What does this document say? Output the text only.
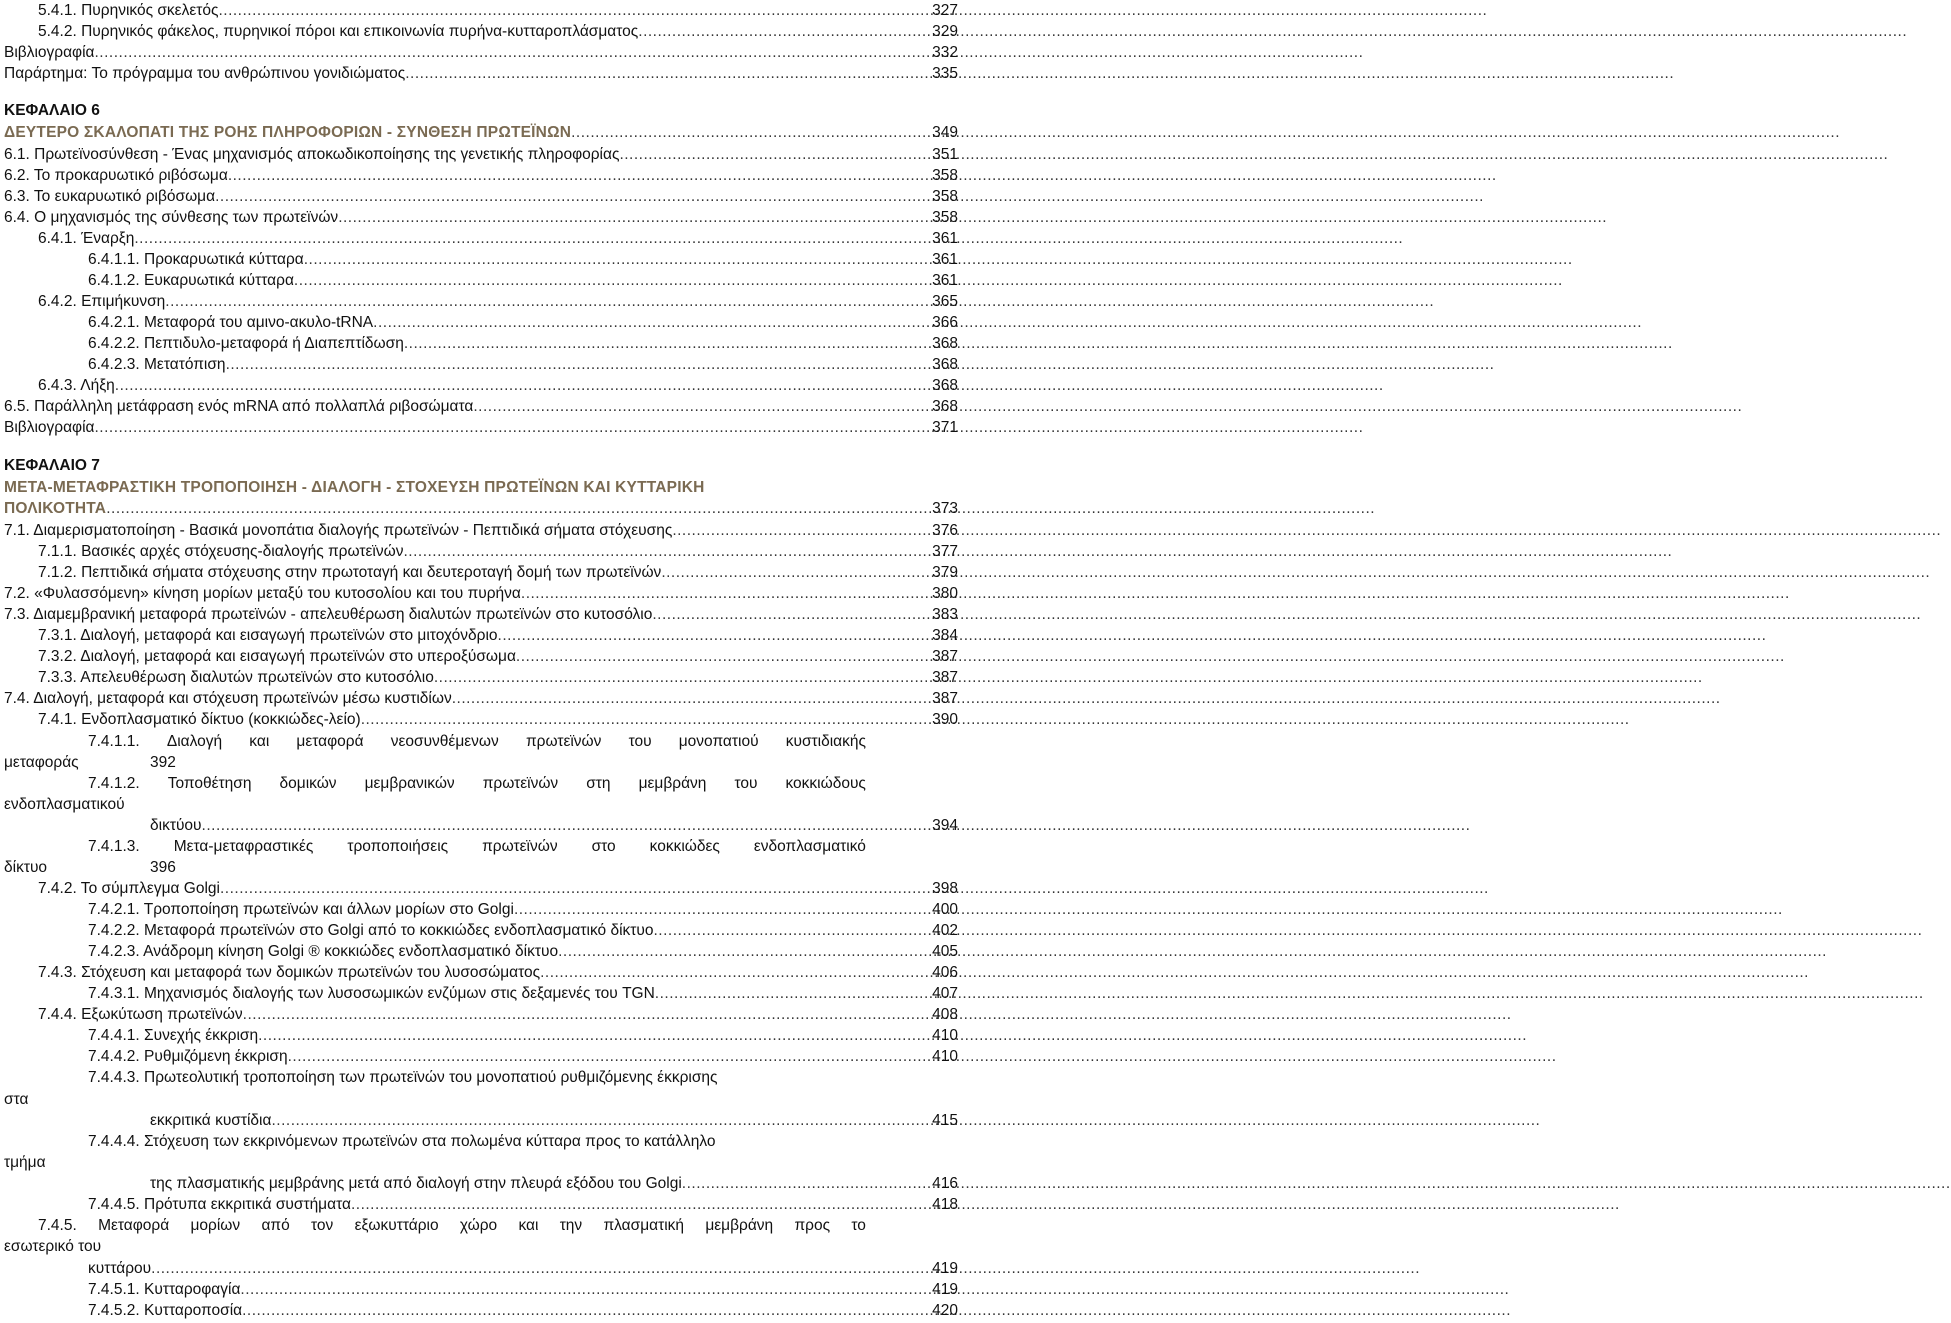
5.4.1. Πυρηνικός σκελετός .....	327
5.4.2. Πυρηνικός φάκελος, πυρηνικοί πόροι και επικοινωνία πυρήνα-κυτταροπλάσματος .....	329
Βιβλιογραφία .....	332
Παράρτημα: Το πρόγραμμα του ανθρώπινου γονιδιώματος .....	335
ΚΕΦΑΛΑΙΟ 6
ΔΕΥΤΕΡΟ ΣΚΑΛΟΠΑΤΙ ΤΗΣ ΡΟΗΣ ΠΛΗΡΟΦΟΡΙΩΝ - ΣΥΝΘΕΣΗ ΠΡΩΤΕΪΝΩΝ .....	349
6.1. Πρωτεϊνοσύνθεση - Ένας μηχανισμός αποκωδικοποίησης της γενετικής πληροφορίας .....	351
6.2. Το προκαρυωτικό ριβόσωμα .....	358
6.3. Το ευκαρυωτικό ριβόσωμα .....	358
6.4. Ο μηχανισμός της σύνθεσης των πρωτεϊνών .....	358
6.4.1. Έναρξη .....	361
6.4.1.1. Προκαρυωτικά κύτταρα .....	361
6.4.1.2. Ευκαρυωτικά κύτταρα .....	361
6.4.2. Επιμήκυνση .....	365
6.4.2.1. Μεταφορά του αμινο-ακυλο-tRNA .....	366
6.4.2.2. Πεπτιδυλο-μεταφορά ή Διαπεπτίδωση .....	368
6.4.2.3. Μετατόπιση .....	368
6.4.3. Λήξη .....	368
6.5. Παράλληλη μετάφραση ενός mRNA από πολλαπλά ριβοσώματα .....	368
Βιβλιογραφία .....	371
ΚΕΦΑΛΑΙΟ 7
ΜΕΤΑ-ΜΕΤΑΦΡΑΣΤΙΚΗ ΤΡΟΠΟΠΟΙΗΣΗ - ΔΙΑΛΟΓΗ - ΣΤΟΧΕΥΣΗ ΠΡΩΤΕΪΝΩΝ ΚΑΙ ΚΥΤΤΑΡΙΚΗ
ΠΟΛΙΚΟΤΗΤΑ .....	373
7.1. Διαμερισματοποίηση - Βασικά μονοπάτια διαλογής πρωτεϊνών - Πεπτιδικά σήματα στόχευσης .....	376
7.1.1. Βασικές αρχές στόχευσης-διαλογής πρωτεϊνών .....	377
7.1.2. Πεπτιδικά σήματα στόχευσης στην πρωτοταγή και δευτεροταγή δομή των πρωτεϊνών .....	379
7.2. «Φυλασσόμενη» κίνηση μορίων μεταξύ του κυτοσολίου και του πυρήνα .....	380
7.3. Διαμεμβρανική μεταφορά πρωτεϊνών - απελευθέρωση διαλυτών πρωτεϊνών στο κυτοσόλιο .....	383
7.3.1. Διαλογή, μεταφορά και εισαγωγή πρωτεϊνών στο μιτοχόνδριο .....	384
7.3.2. Διαλογή, μεταφορά και εισαγωγή πρωτεϊνών στο υπεροξύσωμα .....	387
7.3.3. Απελευθέρωση διαλυτών πρωτεϊνών στο κυτοσόλιο .....	387
7.4. Διαλογή, μεταφορά και στόχευση πρωτεϊνών μέσω κυστιδίων .....	387
7.4.1. Ενδοπλασματικό δίκτυο (κοκκιώδες-λείο) .....	390
7.4.1.1. Διαλογή και μεταφορά νεοσυνθέμενων πρωτεϊνών του μονοπατιού κυστιδιακής
μεταφοράς	392
7.4.1.2. Τοποθέτηση δομικών μεμβρανικών πρωτεϊνών στη μεμβράνη του κοκκιώδους
ενδοπλασματικού
δικτύου .....	394
7.4.1.3. Μετα-μεταφραστικές τροποποιήσεις πρωτεϊνών στο κοκκιώδες ενδοπλασματικό
δίκτυο	396
7.4.2. Το σύμπλεγμα Golgi .....	398
7.4.2.1. Τροποποίηση πρωτεϊνών και άλλων μορίων στο Golgi .....	400
7.4.2.2. Μεταφορά πρωτεϊνών στο Golgi από το κοκκιώδες ενδοπλασματικό δίκτυο .....	402
7.4.2.3. Ανάδρομη κίνηση Golgi ® κοκκιώδες ενδοπλασματικό δίκτυο .....	405
7.4.3. Στόχευση και μεταφορά των δομικών πρωτεϊνών του λυσοσώματος .....	406
7.4.3.1. Μηχανισμός διαλογής των λυσοσωμικών ενζύμων στις δεξαμενές του TGN .....	407
7.4.4. Εξωκύτωση πρωτεϊνών .....	408
7.4.4.1. Συνεχής έκκριση .....	410
7.4.4.2. Ρυθμιζόμενη έκκριση .....	410
7.4.4.3. Πρωτεολυτική τροποποίηση των πρωτεϊνών του μονοπατιού ρυθμιζόμενης έκκρισης
στα
εκκριτικά κυστίδια .....	415
7.4.4.4. Στόχευση των εκκρινόμενων πρωτεϊνών στα πολωμένα κύτταρα προς το κατάλληλο
τμήμα
της πλασματικής μεμβράνης μετά από διαλογή στην πλευρά εξόδου του Golgi .....	416
7.4.4.5. Πρότυπα εκκριτικά συστήματα .....	418
7.4.5. Μεταφορά μορίων από τον εξωκυττάριο χώρο και την πλασματική μεμβράνη προς το
εσωτερικό του
κυττάρου .....	419
7.4.5.1. Κυτταροφαγία .....	419
7.4.5.2. Κυτταροποσία .....	420
